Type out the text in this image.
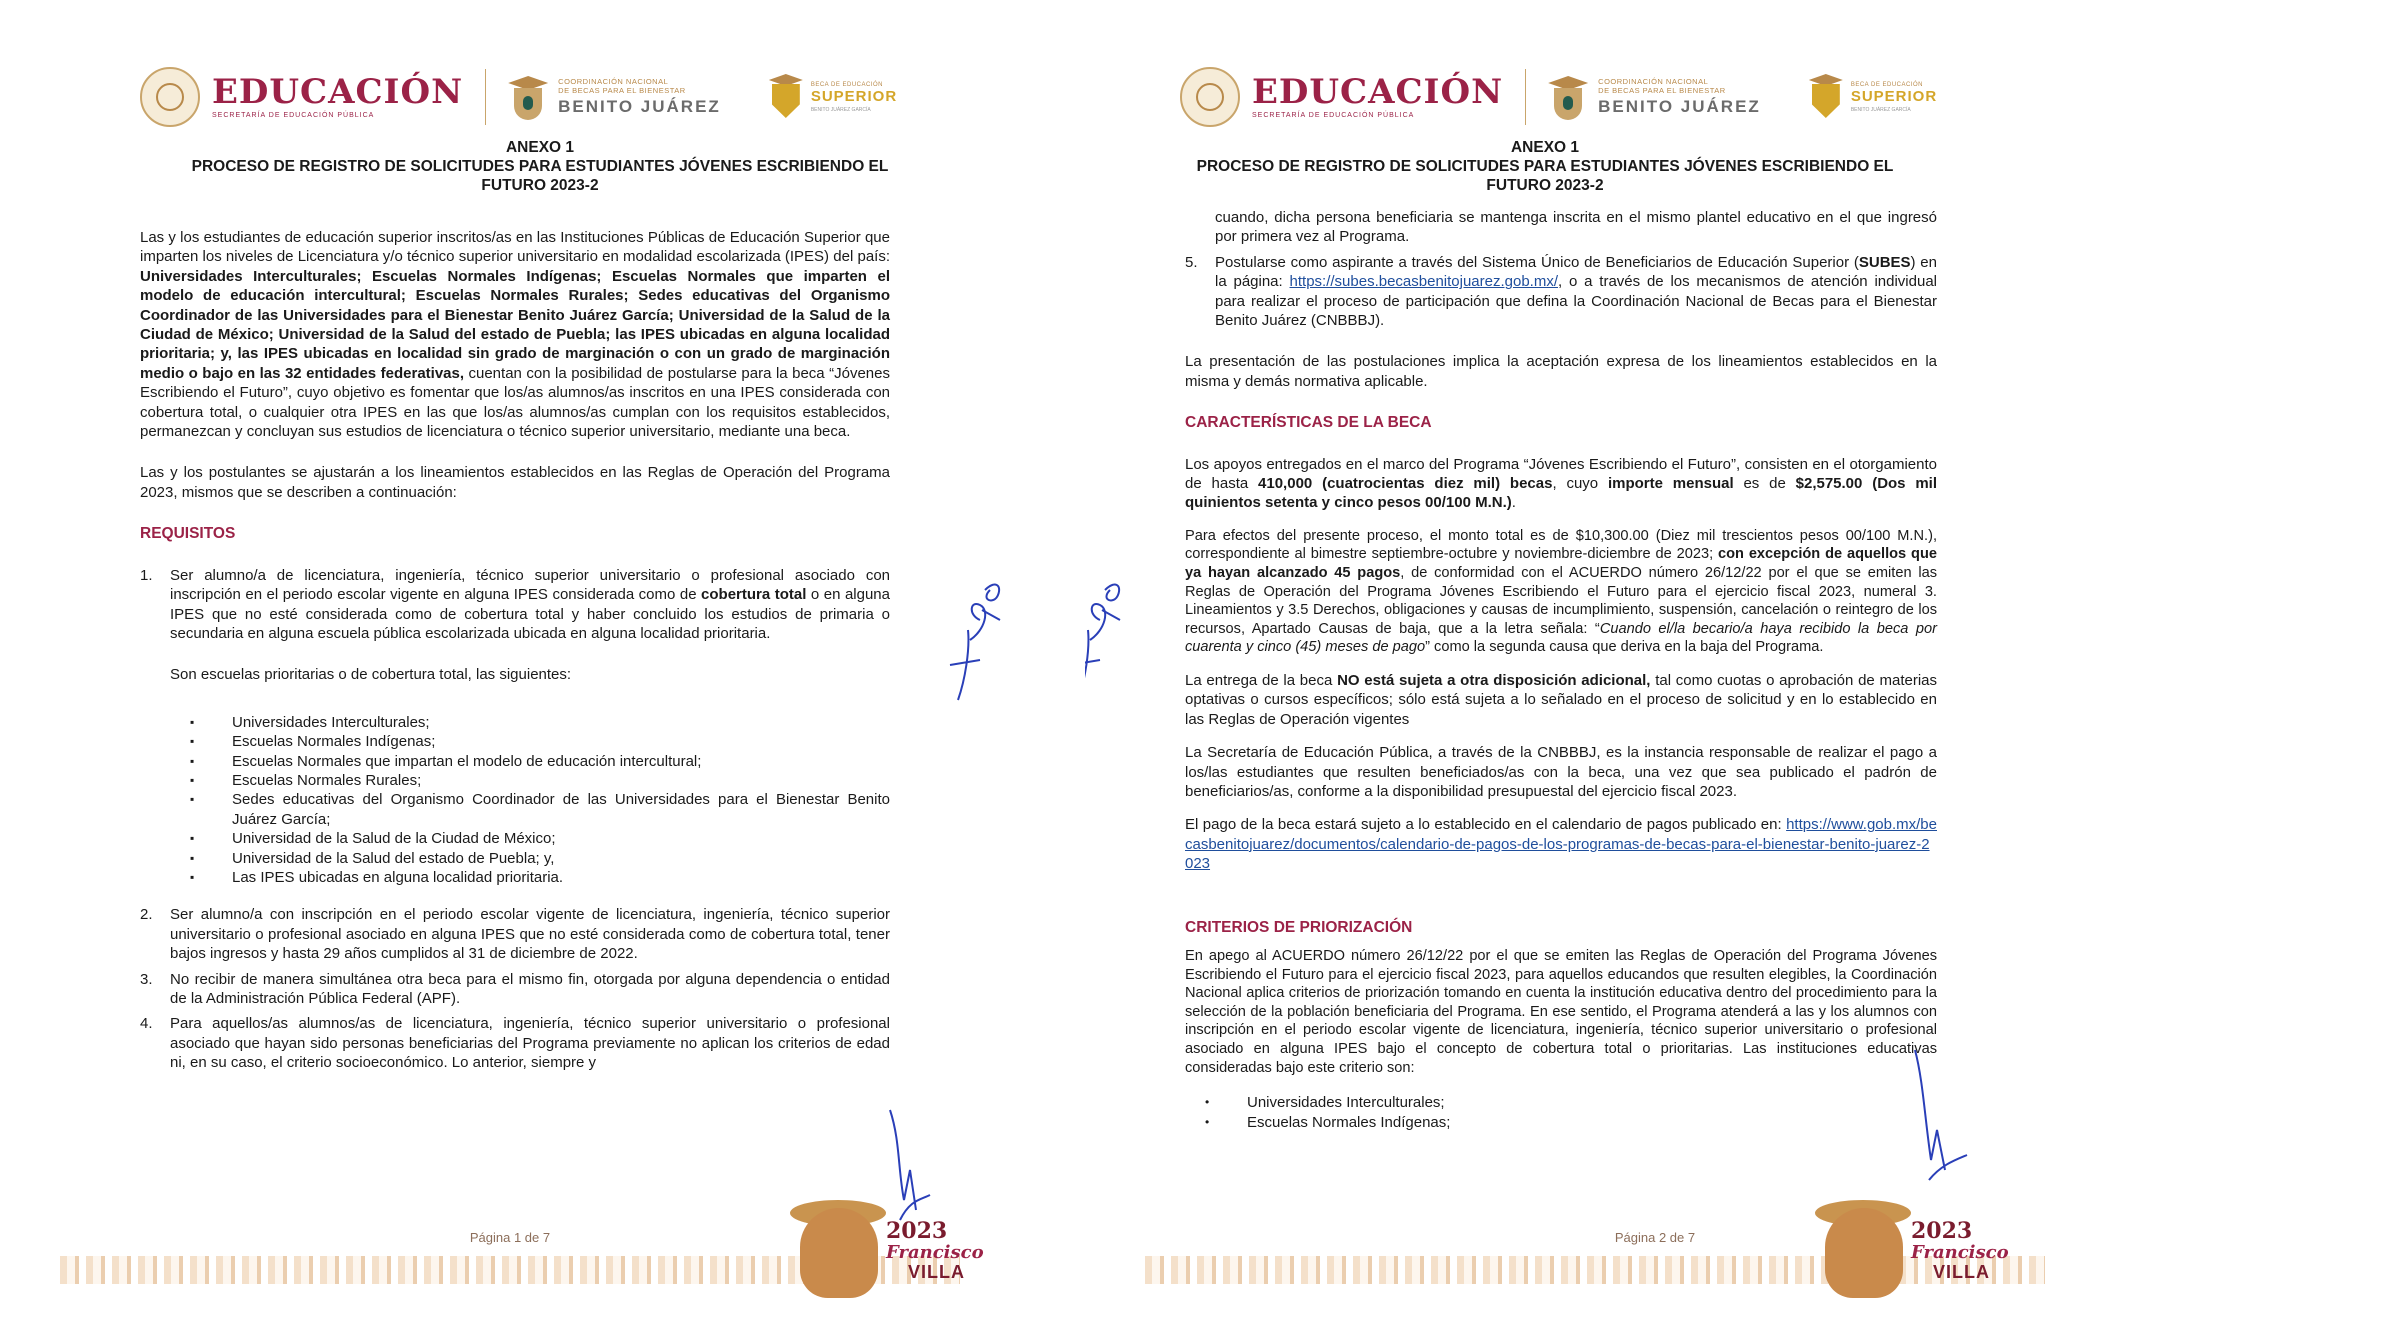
EDUCACIÓN
SECRETARÍA DE EDUCACIÓN PÚBLICA
COORDINACIÓN NACIONAL
DE BECAS PARA EL BIENESTAR
BENITO JUÁREZ
BECA DE EDUCACIÓN
SUPERIOR
BENITO JUÁREZ GARCÍA
ANEXO 1
PROCESO DE REGISTRO DE SOLICITUDES PARA ESTUDIANTES JÓVENES ESCRIBIENDO EL
FUTURO 2023-2

Las y los estudiantes de educación superior inscritos/as en las Instituciones Públicas de Educación Superior que imparten los niveles de Licenciatura y/o técnico superior universitario en modalidad escolarizada (IPES) del país: Universidades Interculturales; Escuelas Normales Indígenas; Escuelas Normales que imparten el modelo de educación intercultural; Escuelas Normales Rurales; Sedes educativas del Organismo Coordinador de las Universidades para el Bienestar Benito Juárez García; Universidad de la Salud de la Ciudad de México; Universidad de la Salud del estado de Puebla; las IPES ubicadas en alguna localidad prioritaria; y, las IPES ubicadas en localidad sin grado de marginación o con un grado de marginación medio o bajo en las 32 entidades federativas, cuentan con la posibilidad de postularse para la beca “Jóvenes Escribiendo el Futuro”, cuyo objetivo es fomentar que los/as alumnos/as inscritos en una IPES considerada con cobertura total, o cualquier otra IPES en las que los/as alumnos/as cumplan con los requisitos establecidos, permanezcan y concluyan sus estudios de licenciatura o técnico superior universitario, mediante una beca.

Las y los postulantes se ajustarán a los lineamientos establecidos en las Reglas de Operación del Programa 2023, mismos que se describen a continuación:

REQUISITOS
1.	Ser alumno/a de licenciatura, ingeniería, técnico superior universitario o profesional asociado con inscripción en el periodo escolar vigente en alguna IPES considerada como de cobertura total o en alguna IPES que no esté considerada como de cobertura total y haber concluido los estudios de primaria o secundaria en alguna escuela pública escolarizada ubicada en alguna localidad prioritaria.
Son escuelas prioritarias o de cobertura total, las siguientes:
▪ Universidades Interculturales;
▪ Escuelas Normales Indígenas;
▪ Escuelas Normales que impartan el modelo de educación intercultural;
▪ Escuelas Normales Rurales;
▪ Sedes educativas del Organismo Coordinador de las Universidades para el Bienestar Benito Juárez García;
▪ Universidad de la Salud de la Ciudad de México;
▪ Universidad de la Salud del estado de Puebla; y,
▪ Las IPES ubicadas en alguna localidad prioritaria.
2.	Ser alumno/a con inscripción en el periodo escolar vigente de licenciatura, ingeniería, técnico superior universitario o profesional asociado en alguna IPES que no esté considerada como de cobertura total, tener bajos ingresos y hasta 29 años cumplidos al 31 de diciembre de 2022.
3.	No recibir de manera simultánea otra beca para el mismo fin, otorgada por alguna dependencia o entidad de la Administración Pública Federal (APF).
4.	Para aquellos/as alumnos/as de licenciatura, ingeniería, técnico superior universitario o profesional asociado que hayan sido personas beneficiarias del Programa previamente no aplican los criterios de edad ni, en su caso, el criterio socioeconómico. Lo anterior, siempre y
Página 1 de 7	2023
Francisco
VILLA
EDUCACIÓN
SECRETARÍA DE EDUCACIÓN PÚBLICA
COORDINACIÓN NACIONAL
DE BECAS PARA EL BIENESTAR
BENITO JUÁREZ
BECA DE EDUCACIÓN
SUPERIOR
BENITO JUÁREZ GARCÍA
ANEXO 1
PROCESO DE REGISTRO DE SOLICITUDES PARA ESTUDIANTES JÓVENES ESCRIBIENDO EL
FUTURO 2023-2
cuando, dicha persona beneficiaria se mantenga inscrita en el mismo plantel educativo en el que ingresó por primera vez al Programa.
5.	Postularse como aspirante a través del Sistema Único de Beneficiarios de Educación Superior (SUBES) en la página: https://subes.becasbenitojuarez.gob.mx/, o a través de los mecanismos de atención individual para realizar el proceso de participación que defina la Coordinación Nacional de Becas para el Bienestar Benito Juárez (CNBBBJ).

La presentación de las postulaciones implica la aceptación expresa de los lineamientos establecidos en la misma y demás normativa aplicable.

CARACTERÍSTICAS DE LA BECA

Los apoyos entregados en el marco del Programa “Jóvenes Escribiendo el Futuro”, consisten en el otorgamiento de hasta 410,000 (cuatrocientas diez mil) becas, cuyo importe mensual es de $2,575.00 (Dos mil quinientos setenta y cinco pesos 00/100 M.N.).

Para efectos del presente proceso, el monto total es de $10,300.00 (Diez mil trescientos pesos 00/100 M.N.), correspondiente al bimestre septiembre-octubre y noviembre-diciembre de 2023; con excepción de aquellos que ya hayan alcanzado 45 pagos, de conformidad con el ACUERDO número 26/12/22 por el que se emiten las Reglas de Operación del Programa Jóvenes Escribiendo el Futuro para el ejercicio fiscal 2023, numeral 3. Lineamientos y 3.5 Derechos, obligaciones y causas de incumplimiento, suspensión, cancelación o reintegro de los recursos, Apartado Causas de baja, que a la letra señala: “Cuando el/la becario/a haya recibido la beca por cuarenta y cinco (45) meses de pago” como la segunda causa que deriva en la baja del Programa.

La entrega de la beca NO está sujeta a otra disposición adicional, tal como cuotas o aprobación de materias optativas o cursos específicos; sólo está sujeta a lo señalado en el proceso de solicitud y en lo establecido en las Reglas de Operación vigentes

La Secretaría de Educación Pública, a través de la CNBBBJ, es la instancia responsable de realizar el pago a los/las estudiantes que resulten beneficiados/as con la beca, una vez que sea publicado el padrón de beneficiarios/as, conforme a la disponibilidad presupuestal del ejercicio fiscal 2023.

El pago de la beca estará sujeto a lo establecido en el calendario de pagos publicado en: https://www.gob.mx/becasbenitojuarez/documentos/calendario-de-pagos-de-los-programas-de-becas-para-el-bienestar-benito-juarez-2023

CRITERIOS DE PRIORIZACIÓN

En apego al ACUERDO número 26/12/22 por el que se emiten las Reglas de Operación del Programa Jóvenes Escribiendo el Futuro para el ejercicio fiscal 2023, para aquellos educandos que resulten elegibles, la Coordinación Nacional aplica criterios de priorización tomando en cuenta la institución educativa dentro del procedimiento para la selección de la población beneficiaria del Programa. En ese sentido, el Programa atenderá a las y los alumnos con inscripción en el periodo escolar vigente de licenciatura, ingeniería, técnico superior universitario o profesional asociado en alguna IPES bajo el concepto de cobertura total o prioritarias. Las instituciones educativas consideradas bajo este criterio son:

• Universidades Interculturales;
• Escuelas Normales Indígenas;
Página 2 de 7	2023
Francisco
VILLA
